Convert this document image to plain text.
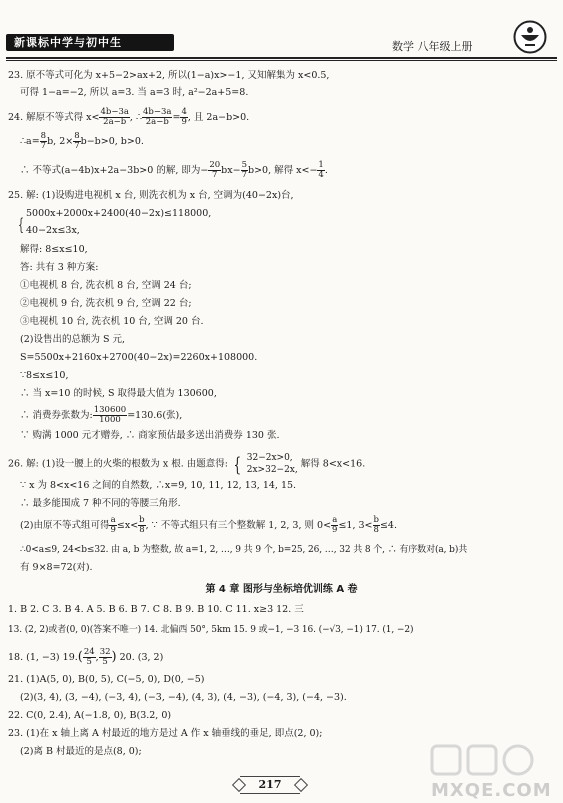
新课标中学与初中生	数学 八年级上册
23. 原不等式可化为 x+5−2>ax+2, 所以(1−a)x>−1, 又知解集为 x<0.5,
可得 1−a=−2, 所以 a=3. 当 a=3 时, a²−2a+5=8.
24. 解原不等式得 $x< \frac{4b-3a}{2a-b}$ , ∴ $\frac{4b-3a}{2a-b} = \frac{4}{9}$ , 且 2a−b>0.
∴a= $\frac{8}{7} b$, $2\times \frac{8}{7} b-b>0$, b>0.
∴ 不等式(a−4b)x+2a−3b>0 的解, 即为− $\frac{20}{7} bx- \frac{5}{7} b>0$, 解得 $x<- \frac{1}{4}$ .
25. 解: (1)设购进电视机 x 台, 则洗衣机为 x 台, 空调为(40−2x)台,
{
5000x+2000x+2400(40−2x)≤118000,
40−2x≤3x,
解得: 8≤x≤10,
答: 共有 3 种方案:
①电视机 8 台, 洗衣机 8 台, 空调 24 台;
②电视机 9 台, 洗衣机 9 台, 空调 22 台;
③电视机 10 台, 洗衣机 10 台, 空调 20 台.
(2)设售出的总额为 S 元,
S=5500x+2160x+2700(40−2x)=2260x+108000.
∵8≤x≤10,
∴ 当 x=10 的时候, S 取得最大值为 130600,
∴ 消费券张数为: $\frac{130600}{1000} =130.6$(张),
∵ 购满 1000 元才赠券, ∴ 商家预估最多送出消费券 130 张.
26. 解: (1)设一腰上的火柴的根数为 x 根. 由题意得: { 32−2x>0,
2x>32−2x,
解得 8<x<16.
∵ x 为 8<x<16 之间的自然数, ∴x=9, 10, 11, 12, 13, 14, 15.
∴ 最多能围成 7 种不同的等腰三角形.
(2)由原不等式组可得 $\frac{a}{9} \le x< \frac{b}{8}$ , ∵ 不等式组只有三个整数解 1, 2, 3, 则 $0< \frac{a}{9} \le 1$, $3< \frac{b}{8} \le 4$.
∴0<a≤9, 24<b≤32. 由 a, b 为整数, 故 a=1, 2, …, 9 共 9 个, b=25, 26, …, 32 共 8 个, ∴ 有序数对(a, b)共
有 9×8=72(对).
第 4 章 图形与坐标培优训练 A 卷
1. B 2. C 3. B 4. A 5. B 6. B 7. C 8. B 9. B 10. C 11. x≥3 12. 三
13. (2, 2)或者(0, 0)(答案不唯一) 14. 北偏西 50°, 5km 15. 9 或−1, −3 16. (−√3, −1) 17. (1, −2)
18. (1, −3) $19.( \frac{24}{5}$ , $\frac{32}{5}$ ) 20. (3, 2)
21. (1)A(5, 0), B(0, 5), C(−5, 0), D(0, −5)
(2)(3, 4), (3, −4), (−3, 4), (−3, −4), (4, 3), (4, −3), (−4, 3), (−4, −3).
22. C(0, 2.4), A(−1.8, 0), B(3.2, 0)
23. (1)在 x 轴上离 A 村最近的地方是过 A 作 x 轴垂线的垂足, 即点(2, 0);
(2)离 B 村最近的是点(8, 0);
217	MXQE.COM
